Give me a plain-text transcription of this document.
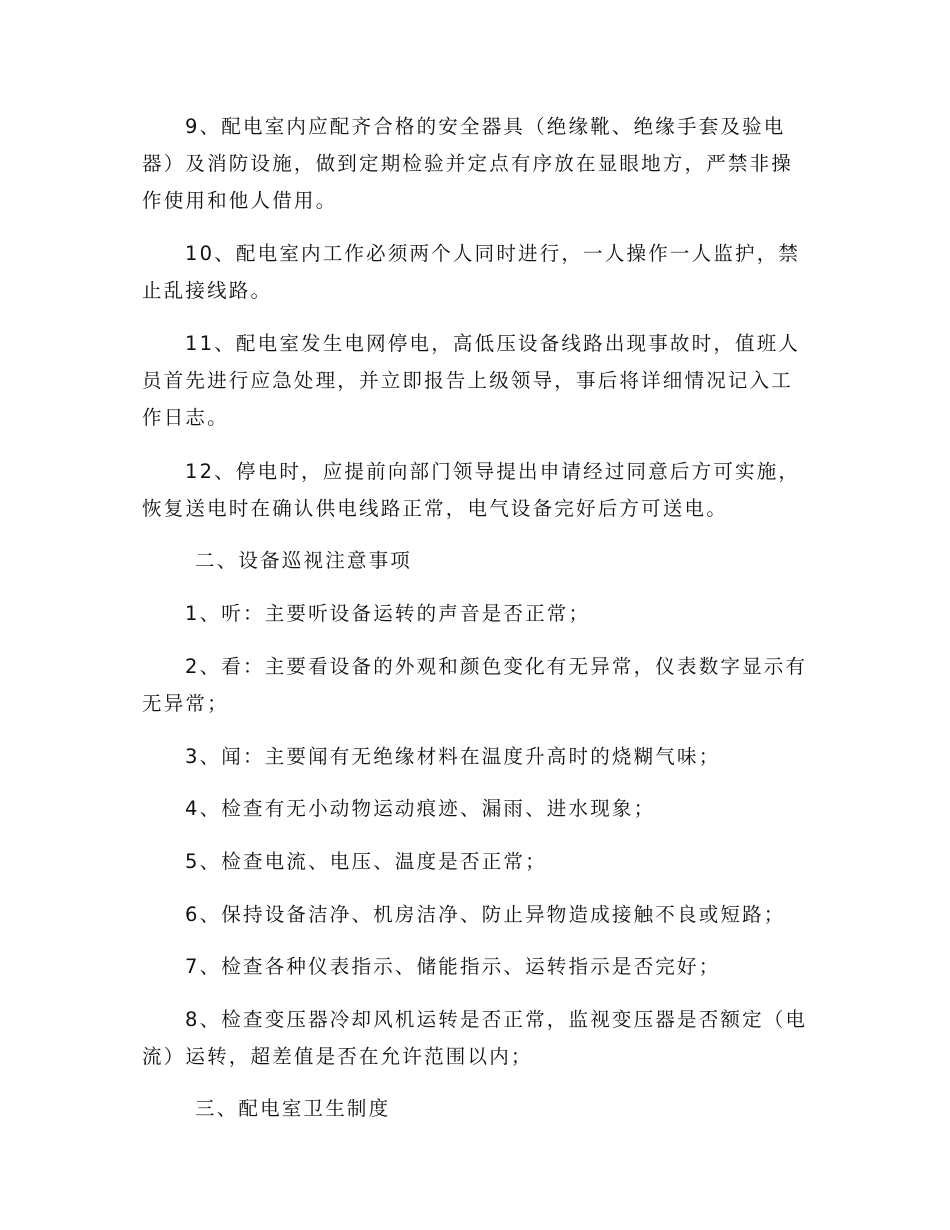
9、配电室内应配齐合格的安全器具（绝缘靴、绝缘手套及验电器）及消防设施，做到定期检验并定点有序放在显眼地方，严禁非操作使用和他人借用。

10、配电室内工作必须两个人同时进行，一人操作一人监护，禁止乱接线路。

11、配电室发生电网停电，高低压设备线路出现事故时，值班人员首先进行应急处理，并立即报告上级领导，事后将详细情况记入工作日志。

12、停电时，应提前向部门领导提出申请经过同意后方可实施，恢复送电时在确认供电线路正常，电气设备完好后方可送电。

二、设备巡视注意事项

1、听：主要听设备运转的声音是否正常；

2、看：主要看设备的外观和颜色变化有无异常，仪表数字显示有无异常；

3、闻：主要闻有无绝缘材料在温度升高时的烧糊气味；

4、检查有无小动物运动痕迹、漏雨、进水现象；

5、检查电流、电压、温度是否正常；

6、保持设备洁净、机房洁净、防止异物造成接触不良或短路；

7、检查各种仪表指示、储能指示、运转指示是否完好；

8、检查变压器冷却风机运转是否正常，监视变压器是否额定（电流）运转，超差值是否在允许范围以内；

三、配电室卫生制度
